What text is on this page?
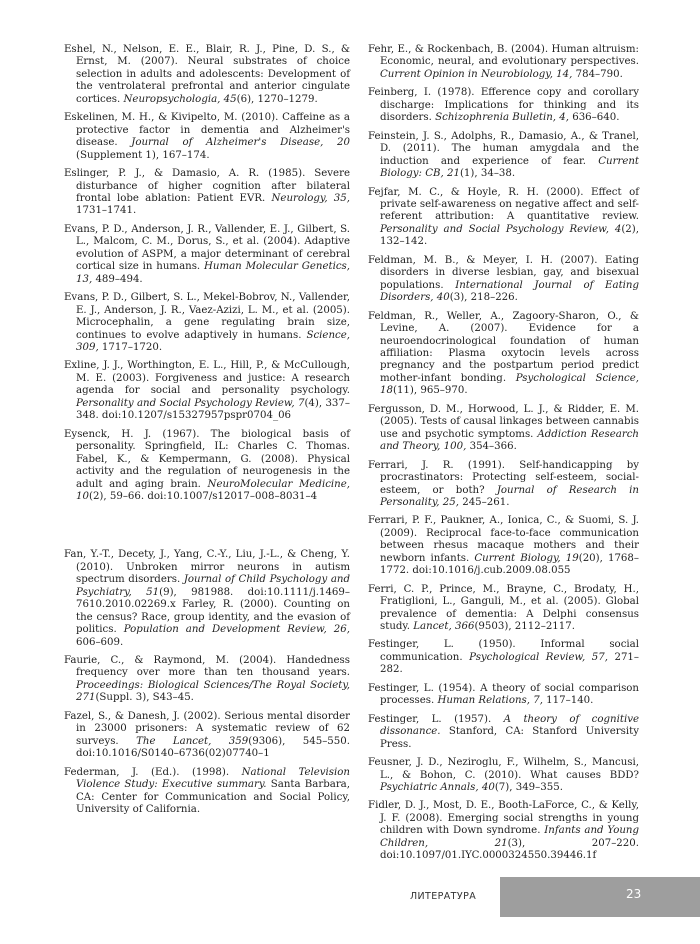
Eshel, N., Nelson, E. E., Blair, R. J., Pine, D. S., & Ernst, M. (2007). Neural substrates of choice selection in adults and adolescents: Development of the ventrolateral prefrontal and anterior cingulate cortices. Neuropsychologia, 45(6), 1270–1279.

Eskelinen, M. H., & Kivipelto, M. (2010). Caffeine as a protective factor in dementia and Alzheimer's disease. Journal of Alzheimer's Disease, 20 (Supplement 1), 167–174.

Eslinger, P. J., & Damasio, A. R. (1985). Severe disturbance of higher cognition after bilateral frontal lobe ablation: Patient EVR. Neurology, 35, 1731–1741.

Evans, P. D., Anderson, J. R., Vallender, E. J., Gilbert, S. L., Malcom, C. M., Dorus, S., et al. (2004). Adaptive evolution of ASPM, a major determinant of cerebral cortical size in humans. Human Molecular Genetics, 13, 489–494.

Evans, P. D., Gilbert, S. L., Mekel-Bobrov, N., Vallender, E. J., Anderson, J. R., Vaez-Azizi, L. M., et al. (2005). Microcephalin, a gene regulating brain size, continues to evolve adaptively in humans. Science, 309, 1717–1720.

Exline, J. J., Worthington, E. L., Hill, P., & McCullough, M. E. (2003). Forgiveness and justice: A research agenda for social and personality psychology. Personality and Social Psychology Review, 7(4), 337–348. doi:10.1207/s15327957pspr0704_06

Eysenck, H. J. (1967). The biological basis of personality. Springfield, IL: Charles C. Thomas. Fabel, K., & Kempermann, G. (2008). Physical activity and the regulation of neurogenesis in the adult and aging brain. NeuroMolecular Medicine, 10(2), 59–66. doi:10.1007/s12017–008–8031–4

Fan, Y.-T., Decety, J., Yang, C.-Y., Liu, J.-L., & Cheng, Y. (2010). Unbroken mirror neurons in autism spectrum disorders. Journal of Child Psychology and Psychiatry, 51(9), 981988. doi:10.1111/j.1469–7610.2010.02269.x Farley, R. (2000). Counting on the census? Race, group identity, and the evasion of politics. Population and Development Review, 26, 606–609.

Faurie, C., & Raymond, M. (2004). Handedness frequency over more than ten thousand years. Proceedings: Biological Sciences/The Royal Society, 271(Suppl. 3), S43–45.

Fazel, S., & Danesh, J. (2002). Serious mental disorder in 23000 prisoners: A systematic review of 62 surveys. The Lancet, 359(9306), 545–550. doi:10.1016/S0140–6736(02)07740–1

Federman, J. (Ed.). (1998). National Television Violence Study: Executive summary. Santa Barbara, CA: Center for Communication and Social Policy, University of California.

Fehr, E., & Rockenbach, B. (2004). Human altruism: Economic, neural, and evolutionary perspectives. Current Opinion in Neurobiology, 14, 784–790.

Feinberg, I. (1978). Efference copy and corollary discharge: Implications for thinking and its disorders. Schizophrenia Bulletin, 4, 636–640.

Feinstein, J. S., Adolphs, R., Damasio, A., & Tranel, D. (2011). The human amygdala and the induction and experience of fear. Current Biology: CB, 21(1), 34–38.

Fejfar, M. C., & Hoyle, R. H. (2000). Effect of private self-awareness on negative affect and self-referent attribution: A quantitative review. Personality and Social Psychology Review, 4(2), 132–142.

Feldman, M. B., & Meyer, I. H. (2007). Eating disorders in diverse lesbian, gay, and bisexual populations. International Journal of Eating Disorders, 40(3), 218–226.

Feldman, R., Weller, A., Zagoory-Sharon, O., & Levine, A. (2007). Evidence for a neuroendocrinological foundation of human affiliation: Plasma oxytocin levels across pregnancy and the postpartum period predict mother-infant bonding. Psychological Science, 18(11), 965–970.

Fergusson, D. M., Horwood, L. J., & Ridder, E. M. (2005). Tests of causal linkages between cannabis use and psychotic symptoms. Addiction Research and Theory, 100, 354–366.

Ferrari, J. R. (1991). Self-handicapping by procrastinators: Protecting self-esteem, social- esteem, or both? Journal of Research in Personality, 25, 245–261.

Ferrari, P. F., Paukner, A., Ionica, C., & Suomi, S. J. (2009). Reciprocal face-to-face communication between rhesus macaque mothers and their newborn infants. Current Biology, 19(20), 1768–1772. doi:10.1016/j.cub.2009.08.055

Ferri, C. P., Prince, M., Brayne, C., Brodaty, H., Fratiglioni, L., Ganguli, M., et al. (2005). Global prevalence of dementia: A Delphi consensus study. Lancet, 366(9503), 2112–2117.

Festinger, L. (1950). Informal social communication. Psychological Review, 57, 271–282.

Festinger, L. (1954). A theory of social comparison processes. Human Relations, 7, 117–140.

Festinger, L. (1957). A theory of cognitive dissonance. Stanford, CA: Stanford University Press.

Feusner, J. D., Neziroglu, F., Wilhelm, S., Mancusi, L., & Bohon, C. (2010). What causes BDD? Psychiatric Annals, 40(7), 349–355.

Fidler, D. J., Most, D. E., Booth-LaForce, C., & Kelly, J. F. (2008). Emerging social strengths in young children with Down syndrome. Infants and Young Children, 21(3), 207–220. doi:10.1097/01.IYC.0000324550.39446.1f

ЛИТЕРАТУРА	23
